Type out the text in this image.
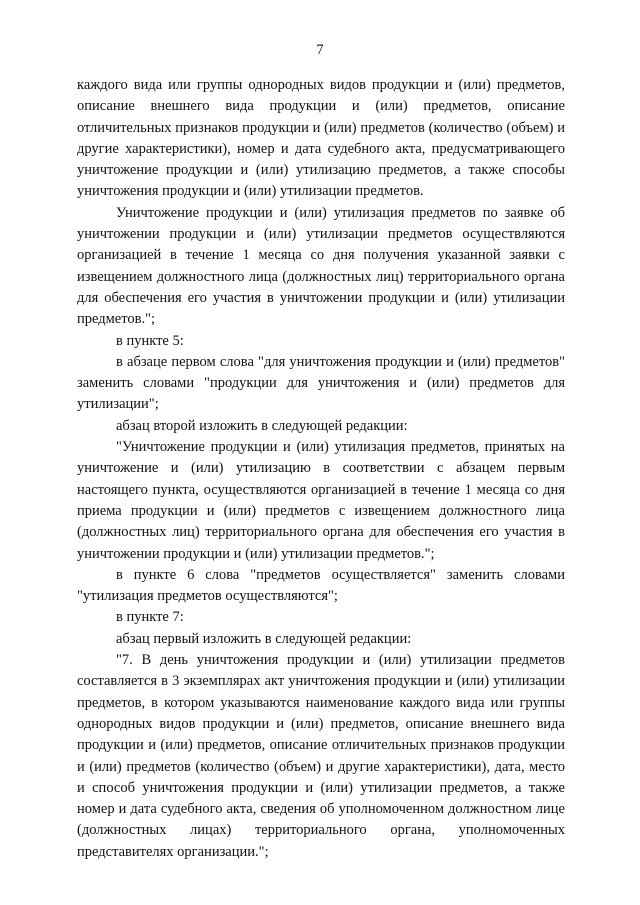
7

каждого вида или группы однородных видов продукции и (или) предметов, описание внешнего вида продукции и (или) предметов, описание отличительных признаков продукции и (или) предметов (количество (объем) и другие характеристики), номер и дата судебного акта, предусматривающего уничтожение продукции и (или) утилизацию предметов, а также способы уничтожения продукции и (или) утилизации предметов.

Уничтожение продукции и (или) утилизация предметов по заявке об уничтожении продукции и (или) утилизации предметов осуществляются организацией в течение 1 месяца со дня получения указанной заявки с извещением должностного лица (должностных лиц) территориального органа для обеспечения его участия в уничтожении продукции и (или) утилизации предметов.";

в пункте 5:

в абзаце первом слова "для уничтожения продукции и (или) предметов" заменить словами "продукции для уничтожения и (или) предметов для утилизации";

абзац второй изложить в следующей редакции:

"Уничтожение продукции и (или) утилизация предметов, принятых на уничтожение и (или) утилизацию в соответствии с абзацем первым настоящего пункта, осуществляются организацией в течение 1 месяца со дня приема продукции и (или) предметов с извещением должностного лица (должностных лиц) территориального органа для обеспечения его участия в уничтожении продукции и (или) утилизации предметов.";

в пункте 6 слова "предметов осуществляется" заменить словами "утилизация предметов осуществляются";

в пункте 7:

абзац первый изложить в следующей редакции:

"7. В день уничтожения продукции и (или) утилизации предметов составляется в 3 экземплярах акт уничтожения продукции и (или) утилизации предметов, в котором указываются наименование каждого вида или группы однородных видов продукции и (или) предметов, описание внешнего вида продукции и (или) предметов, описание отличительных признаков продукции и (или) предметов (количество (объем) и другие характеристики), дата, место и способ уничтожения продукции и (или) утилизации предметов, а также номер и дата судебного акта, сведения об уполномоченном должностном лице (должностных лицах) территориального органа, уполномоченных представителях организации.";
